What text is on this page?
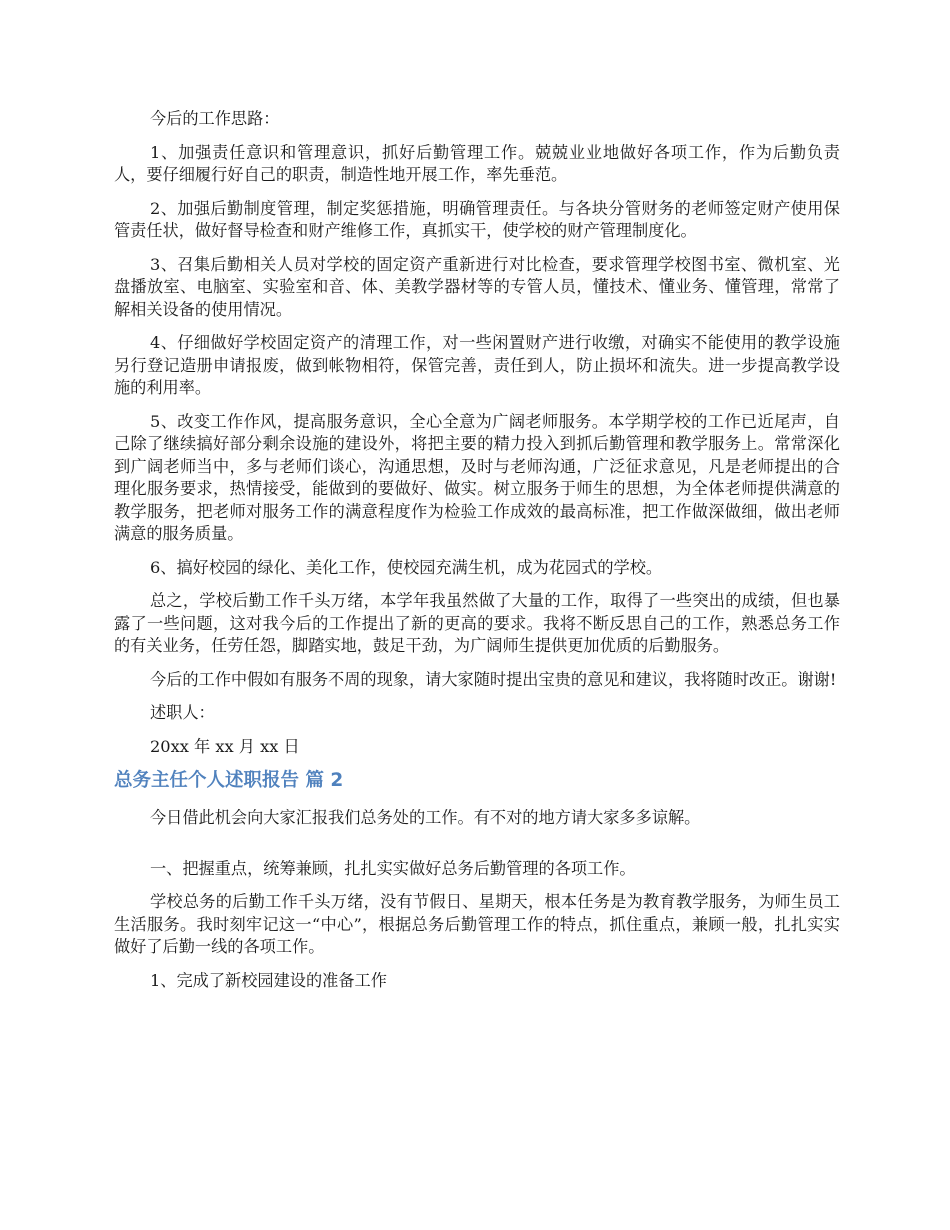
今后的工作思路：

1、加强责任意识和管理意识，抓好后勤管理工作。兢兢业业地做好各项工作，作为后勤负责人，要仔细履行好自己的职责，制造性地开展工作，率先垂范。

2、加强后勤制度管理，制定奖惩措施，明确管理责任。与各块分管财务的老师签定财产使用保管责任状，做好督导检查和财产维修工作，真抓实干，使学校的财产管理制度化。

3、召集后勤相关人员对学校的固定资产重新进行对比检查，要求管理学校图书室、微机室、光盘播放室、电脑室、实验室和音、体、美教学器材等的专管人员，懂技术、懂业务、懂管理，常常了解相关设备的使用情况。

4、仔细做好学校固定资产的清理工作，对一些闲置财产进行收缴，对确实不能使用的教学设施另行登记造册申请报废，做到帐物相符，保管完善，责任到人，防止损坏和流失。进一步提高教学设施的利用率。

5、改变工作作风，提高服务意识，全心全意为广阔老师服务。本学期学校的工作已近尾声，自己除了继续搞好部分剩余设施的建设外，将把主要的精力投入到抓后勤管理和教学服务上。常常深化到广阔老师当中，多与老师们谈心，沟通思想，及时与老师沟通，广泛征求意见，凡是老师提出的合理化服务要求，热情接受，能做到的要做好、做实。树立服务于师生的思想，为全体老师提供满意的教学服务，把老师对服务工作的满意程度作为检验工作成效的最高标准，把工作做深做细，做出老师满意的服务质量。

6、搞好校园的绿化、美化工作，使校园充满生机，成为花园式的学校。

总之，学校后勤工作千头万绪，本学年我虽然做了大量的工作，取得了一些突出的成绩，但也暴露了一些问题，这对我今后的工作提出了新的更高的要求。我将不断反思自己的工作，熟悉总务工作的有关业务，任劳任怨，脚踏实地，鼓足干劲，为广阔师生提供更加优质的后勤服务。

今后的工作中假如有服务不周的现象，请大家随时提出宝贵的意见和建议，我将随时改正。谢谢!

述职人：

20xx 年 xx 月 xx 日

总务主任个人述职报告 篇 2

今日借此机会向大家汇报我们总务处的工作。有不对的地方请大家多多谅解。

一、把握重点，统筹兼顾，扎扎实实做好总务后勤管理的各项工作。

学校总务的后勤工作千头万绪，没有节假日、星期天，根本任务是为教育教学服务，为师生员工生活服务。我时刻牢记这一“中心”，根据总务后勤管理工作的特点，抓住重点，兼顾一般，扎扎实实做好了后勤一线的各项工作。

1、完成了新校园建设的准备工作
